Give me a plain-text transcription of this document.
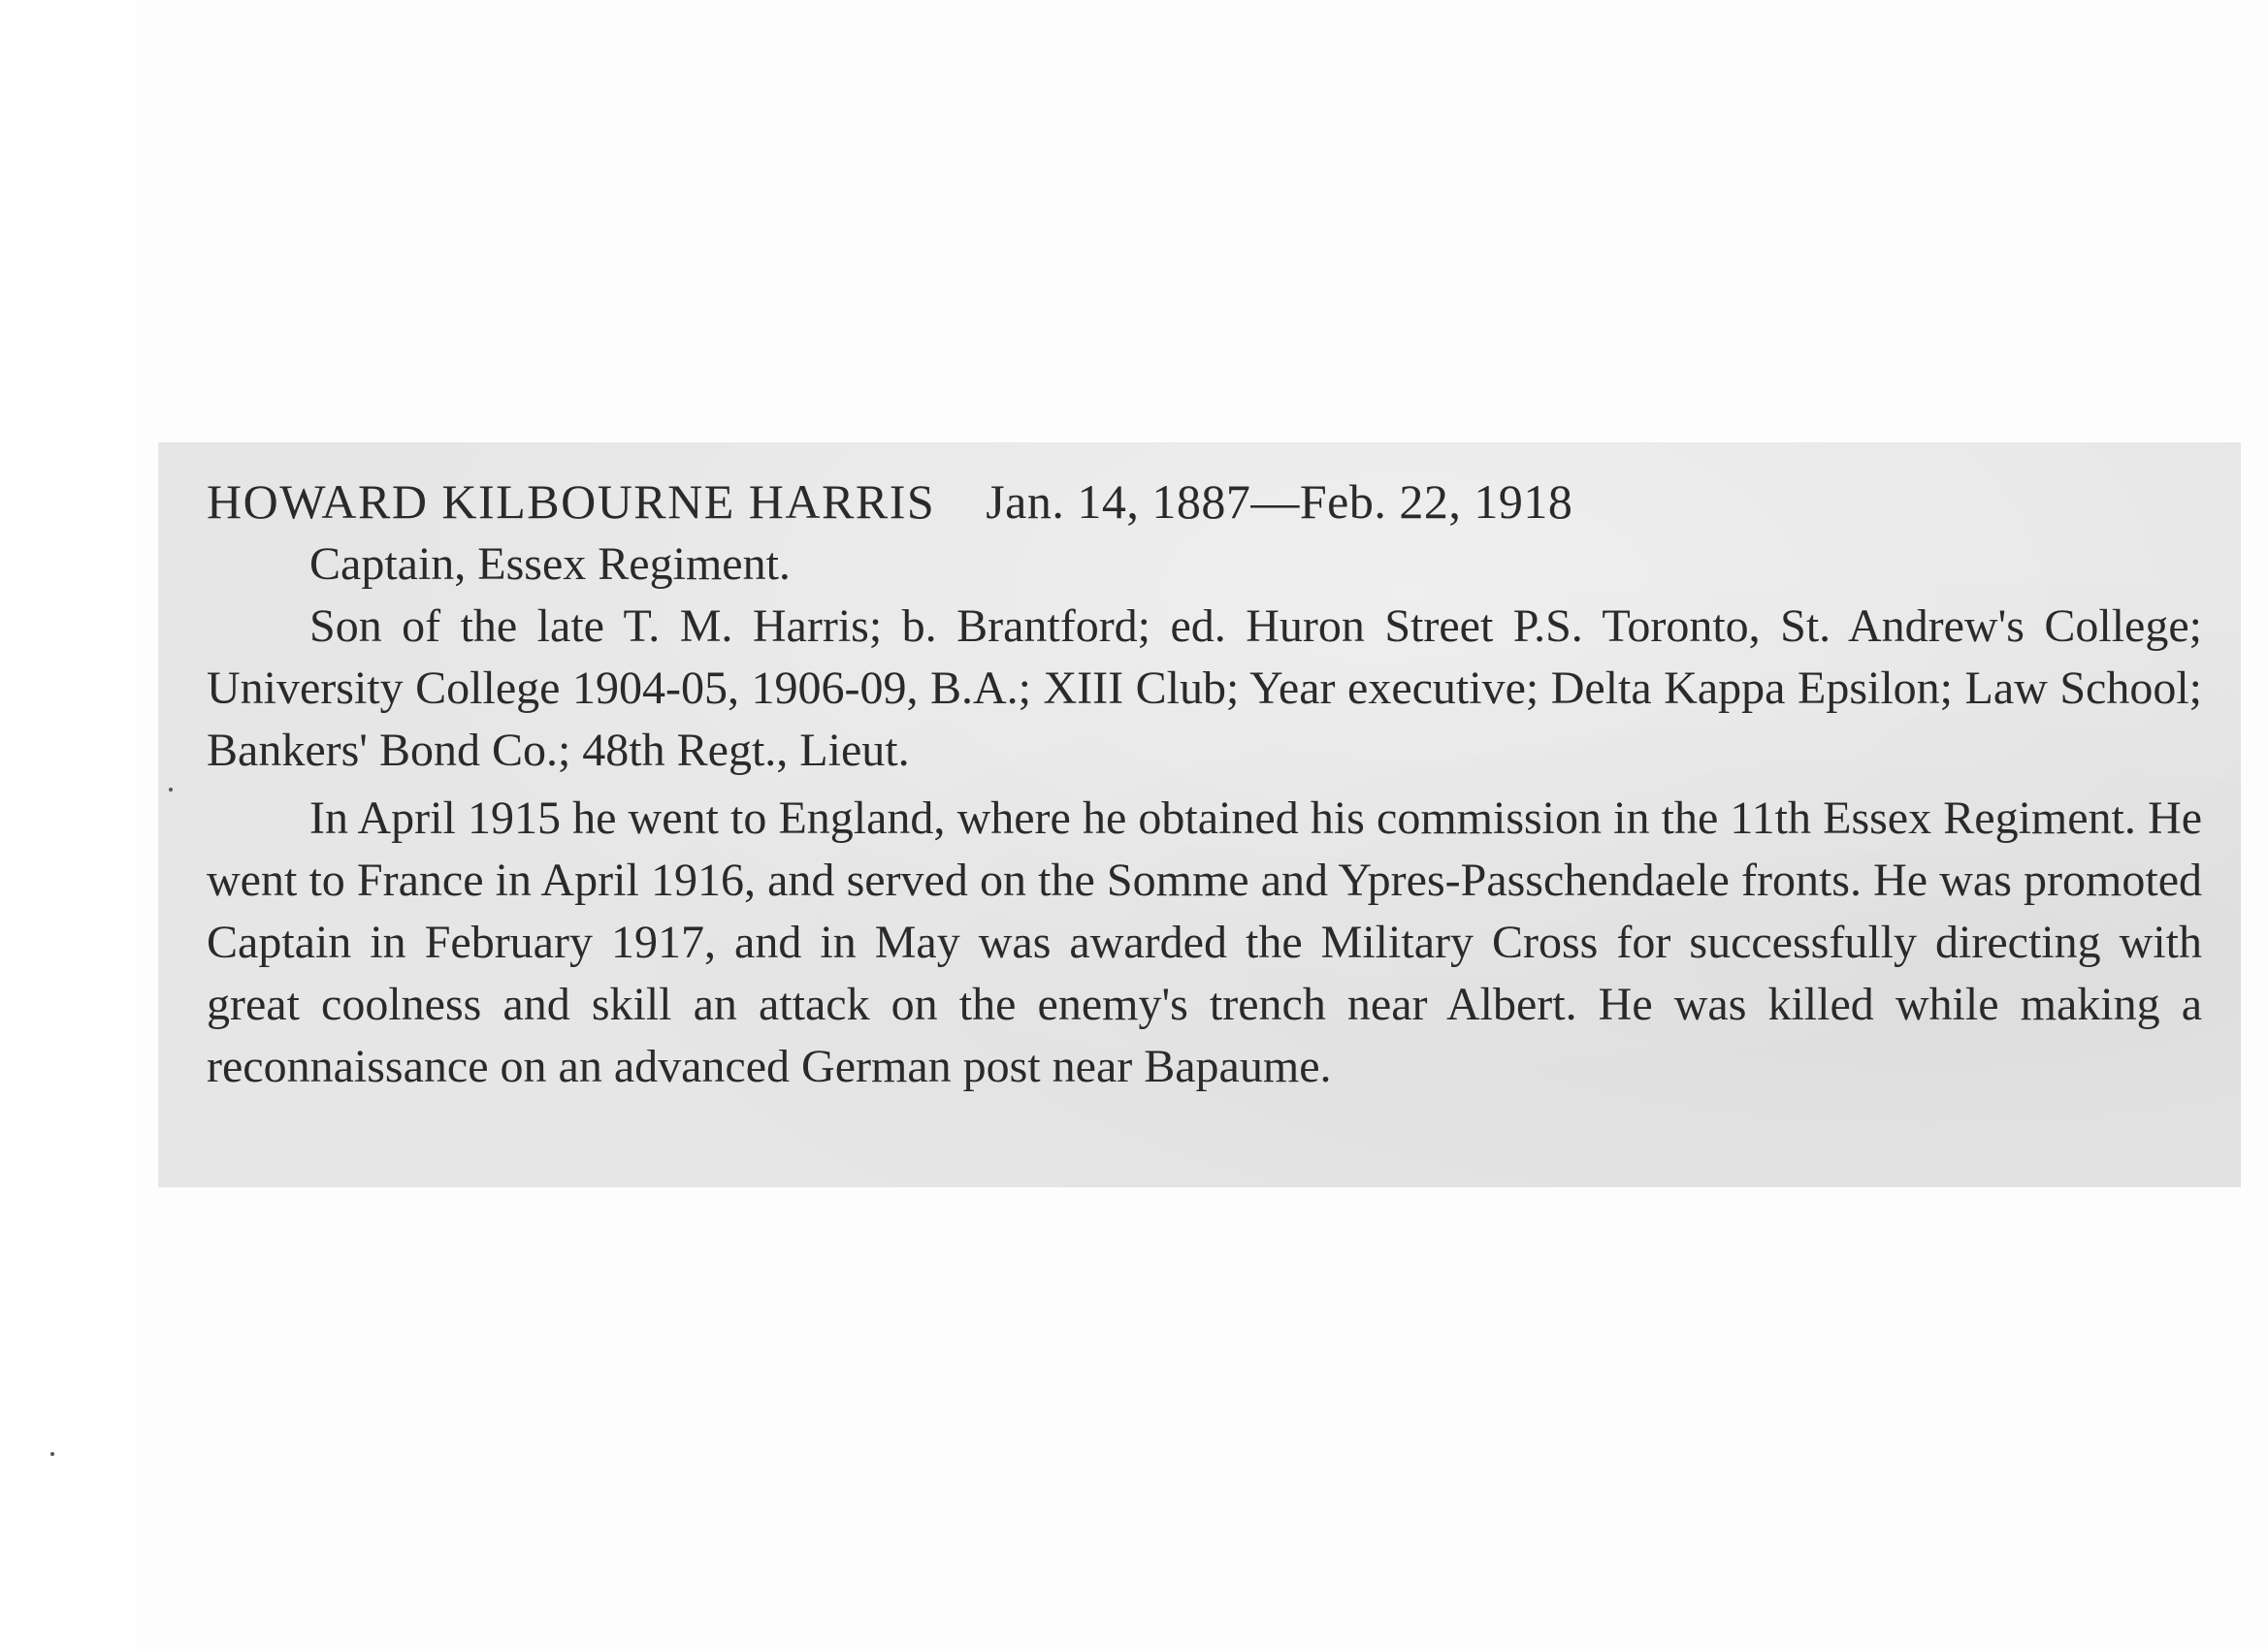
HOWARD KILBOURNE HARRIS Jan. 14, 1887—Feb. 22, 1918

Captain, Essex Regiment.

Son of the late T. M. Harris; b. Brantford; ed. Huron Street P.S. Toronto, St. Andrew's College; University College 1904-05, 1906-09, B.A.; XIII Club; Year executive; Delta Kappa Epsilon; Law School; Bankers' Bond Co.; 48th Regt., Lieut.

In April 1915 he went to England, where he obtained his commission in the 11th Essex Regiment. He went to France in April 1916, and served on the Somme and Ypres-Passchendaele fronts. He was promoted Captain in February 1917, and in May was awarded the Military Cross for successfully directing with great coolness and skill an attack on the enemy's trench near Albert. He was killed while making a reconnaissance on an advanced German post near Bapaume.
